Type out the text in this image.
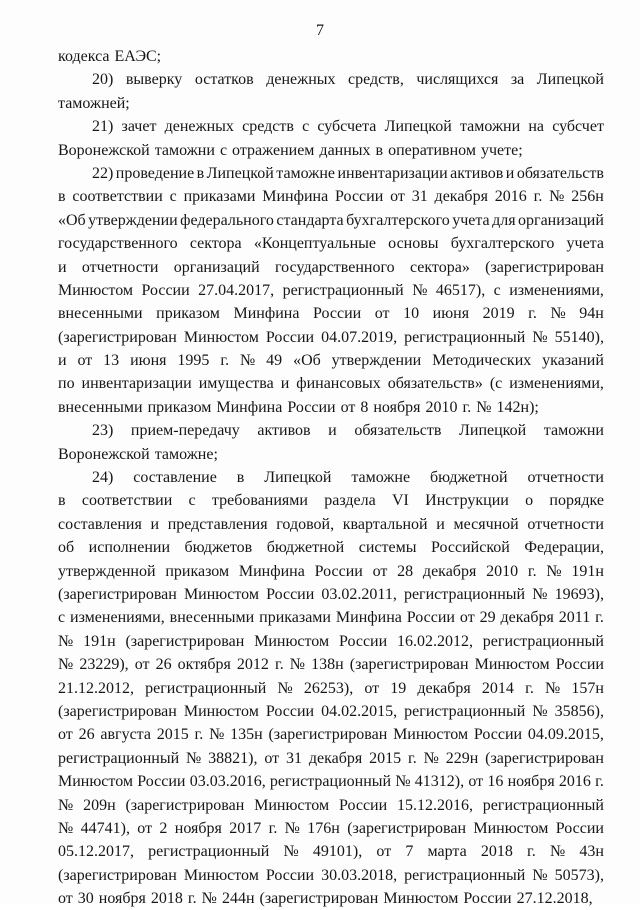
7
кодекса ЕАЭС;
20) выверку остатков денежных средств, числящихся за Липецкой
таможней;
21) зачет денежных средств с субсчета Липецкой таможни на субсчет
Воронежской таможни с отражением данных в оперативном учете;
22) проведение в Липецкой таможне инвентаризации активов и обязательств
в соответствии с приказами Минфина России от 31 декабря 2016 г. № 256н
«Об утверждении федерального стандарта бухгалтерского учета для организаций
государственного сектора «Концептуальные основы бухгалтерского учета
и отчетности организаций государственного сектора» (зарегистрирован
Минюстом России 27.04.2017, регистрационный № 46517), с изменениями,
внесенными приказом Минфина России от 10 июня 2019 г. № 94н
(зарегистрирован Минюстом России 04.07.2019, регистрационный № 55140),
и от 13 июня 1995 г. № 49 «Об утверждении Методических указаний
по инвентаризации имущества и финансовых обязательств» (с изменениями,
внесенными приказом Минфина России от 8 ноября 2010 г. № 142н);
23) прием-передачу активов и обязательств Липецкой таможни
Воронежской таможне;
24) составление в Липецкой таможне бюджетной отчетности
в соответствии с требованиями раздела VI Инструкции о порядке
составления и представления годовой, квартальной и месячной отчетности
об исполнении бюджетов бюджетной системы Российской Федерации,
утвержденной приказом Минфина России от 28 декабря 2010 г. № 191н
(зарегистрирован Минюстом России 03.02.2011, регистрационный № 19693),
с изменениями, внесенными приказами Минфина России от 29 декабря 2011 г.
№ 191н (зарегистрирован Минюстом России 16.02.2012, регистрационный
№ 23229), от 26 октября 2012 г. № 138н (зарегистрирован Минюстом России
21.12.2012, регистрационный № 26253), от 19 декабря 2014 г. № 157н
(зарегистрирован Минюстом России 04.02.2015, регистрационный № 35856),
от 26 августа 2015 г. № 135н (зарегистрирован Минюстом России 04.09.2015,
регистрационный № 38821), от 31 декабря 2015 г. № 229н (зарегистрирован
Минюстом России 03.03.2016, регистрационный № 41312), от 16 ноября 2016 г.
№ 209н (зарегистрирован Минюстом России 15.12.2016, регистрационный
№ 44741), от 2 ноября 2017 г. № 176н (зарегистрирован Минюстом России
05.12.2017, регистрационный № 49101), от 7 марта 2018 г. № 43н
(зарегистрирован Минюстом России 30.03.2018, регистрационный № 50573),
от 30 ноября 2018 г. № 244н (зарегистрирован Минюстом России 27.12.2018,
